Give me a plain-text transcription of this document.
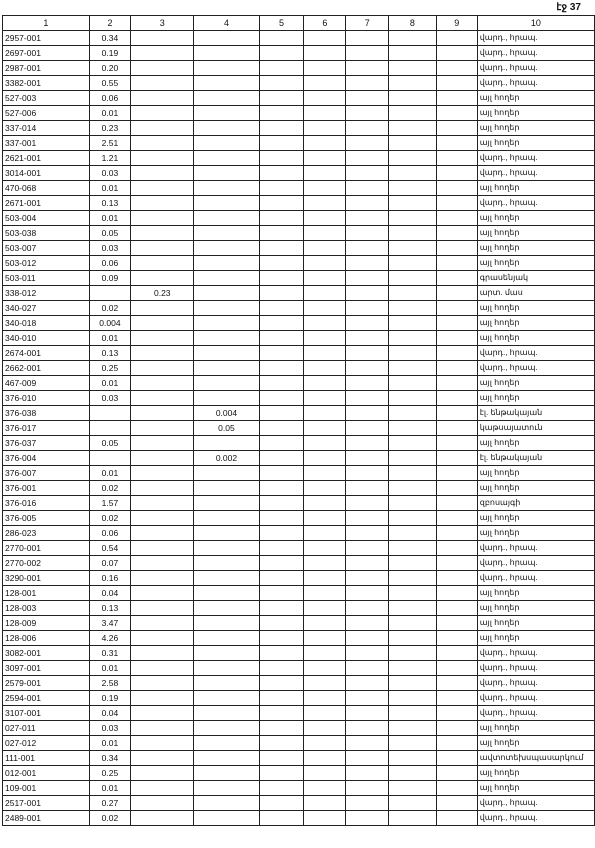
էջ 37
1	2	3	4	5	6	7	8	9	10
2957-001	0.34								վարդ., հրապ.
2697-001	0.19								վարդ., հրապ.
2987-001	0.20								վարդ., հրապ.
3382-001	0.55								վարդ., հրապ.
527-003	0.06								այլ հողեր
527-006	0.01								այլ հողեր
337-014	0.23								այլ հողեր
337-001	2.51								այլ հողեր
2621-001	1.21								վարդ., հրապ.
3014-001	0.03								վարդ., հրապ.
470-068	0.01								այլ հողեր
2671-001	0.13								վարդ., հրապ.
503-004	0.01								այլ հողեր
503-038	0.05								այլ հողեր
503-007	0.03								այլ հողեր
503-012	0.06								այլ հողեր
503-011	0.09								գրասենյակ
338-012		0.23							արտ. մաս
340-027	0.02								այլ հողեր
340-018	0.004								այլ հողեր
340-010	0.01								այլ հողեր
2674-001	0.13								վարդ., հրապ.
2662-001	0.25								վարդ., հրապ.
467-009	0.01								այլ հողեր
376-010	0.03								այլ հողեր
376-038			0.004						էլ. ենթակայան
376-017			0.05						կաթսայատուն
376-037	0.05								այլ հողեր
376-004			0.002						էլ. ենթակայան
376-007	0.01								այլ հողեր
376-001	0.02								այլ հողեր
376-016	1.57								զբոսայգի
376-005	0.02								այլ հողեր
286-023	0.06								այլ հողեր
2770-001	0.54								վարդ., հրապ.
2770-002	0.07								վարդ., հրապ.
3290-001	0.16								վարդ., հրապ.
128-001	0.04								այլ հողեր
128-003	0.13								այլ հողեր
128-009	3.47								այլ հողեր
128-006	4.26								այլ հողեր
3082-001	0.31								վարդ., հրապ.
3097-001	0.01								վարդ., հրապ.
2579-001	2.58								վարդ., հրապ.
2594-001	0.19								վարդ., հրապ.
3107-001	0.04								վարդ., հրապ.
027-011	0.03								այլ հողեր
027-012	0.01								այլ հողեր
111-001	0.34								ավտոտեխսպասարկում
012-001	0.25								այլ հողեր
109-001	0.01								այլ հողեր
2517-001	0.27								վարդ., հրապ.
2489-001	0.02								վարդ., հրապ.
